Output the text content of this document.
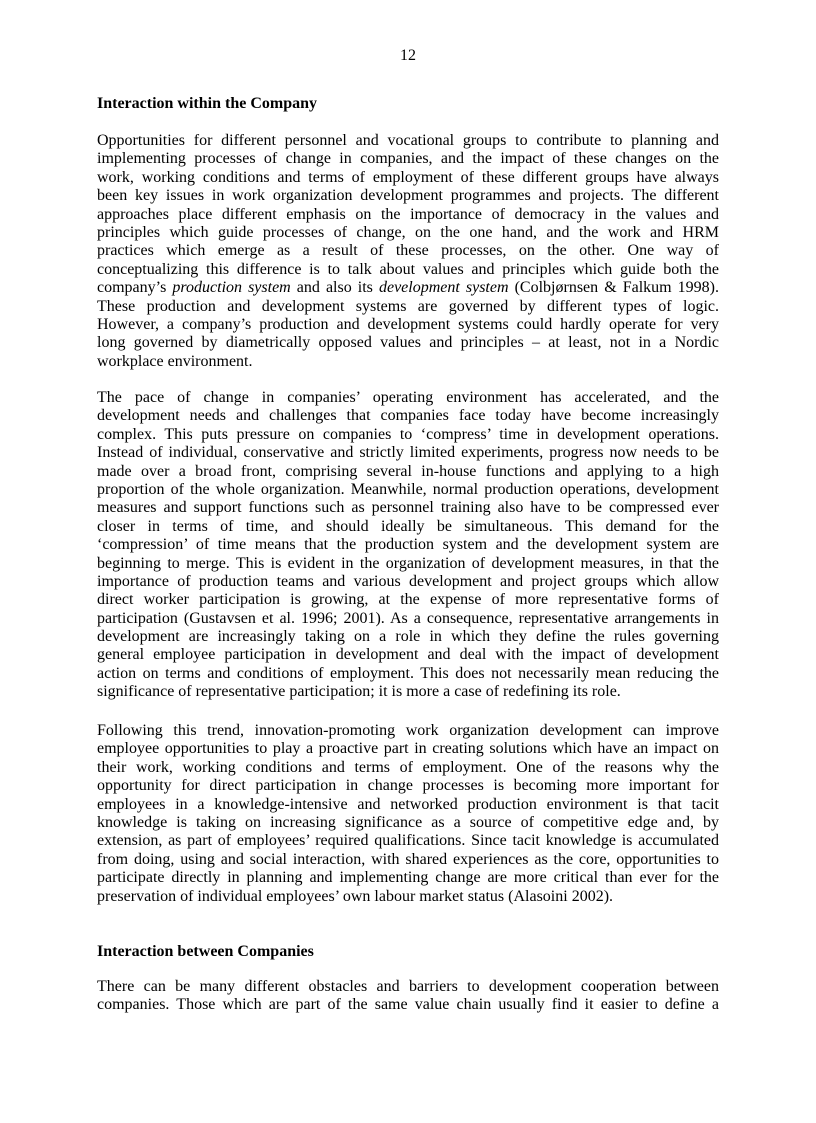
12
Interaction within the Company
Opportunities for different personnel and vocational groups to contribute to planning and
implementing processes of change in companies, and the impact of these changes on the
work, working conditions and terms of employment of these different groups have always
been key issues in work organization development programmes and projects. The different
approaches place different emphasis on the importance of democracy in the values and
principles which guide processes of change, on the one hand, and the work and HRM
practices which emerge as a result of these processes, on the other. One way of
conceptualizing this difference is to talk about values and principles which guide both the
company’s production system and also its development system (Colbjørnsen & Falkum 1998).
These production and development systems are governed by different types of logic.
However, a company’s production and development systems could hardly operate for very
long governed by diametrically opposed values and principles – at least, not in a Nordic
workplace environment.
The pace of change in companies’ operating environment has accelerated, and the
development needs and challenges that companies face today have become increasingly
complex. This puts pressure on companies to ‘compress’ time in development operations.
Instead of individual, conservative and strictly limited experiments, progress now needs to be
made over a broad front, comprising several in-house functions and applying to a high
proportion of the whole organization. Meanwhile, normal production operations, development
measures and support functions such as personnel training also have to be compressed ever
closer in terms of time, and should ideally be simultaneous. This demand for the
‘compression’ of time means that the production system and the development system are
beginning to merge. This is evident in the organization of development measures, in that the
importance of production teams and various development and project groups which allow
direct worker participation is growing, at the expense of more representative forms of
participation (Gustavsen et al. 1996; 2001). As a consequence, representative arrangements in
development are increasingly taking on a role in which they define the rules governing
general employee participation in development and deal with the impact of development
action on terms and conditions of employment. This does not necessarily mean reducing the
significance of representative participation; it is more a case of redefining its role.
Following this trend, innovation-promoting work organization development can improve
employee opportunities to play a proactive part in creating solutions which have an impact on
their work, working conditions and terms of employment. One of the reasons why the
opportunity for direct participation in change processes is becoming more important for
employees in a knowledge-intensive and networked production environment is that tacit
knowledge is taking on increasing significance as a source of competitive edge and, by
extension, as part of employees’ required qualifications. Since tacit knowledge is accumulated
from doing, using and social interaction, with shared experiences as the core, opportunities to
participate directly in planning and implementing change are more critical than ever for the
preservation of individual employees’ own labour market status (Alasoini 2002).
Interaction between Companies
There can be many different obstacles and barriers to development cooperation between
companies. Those which are part of the same value chain usually find it easier to define a
